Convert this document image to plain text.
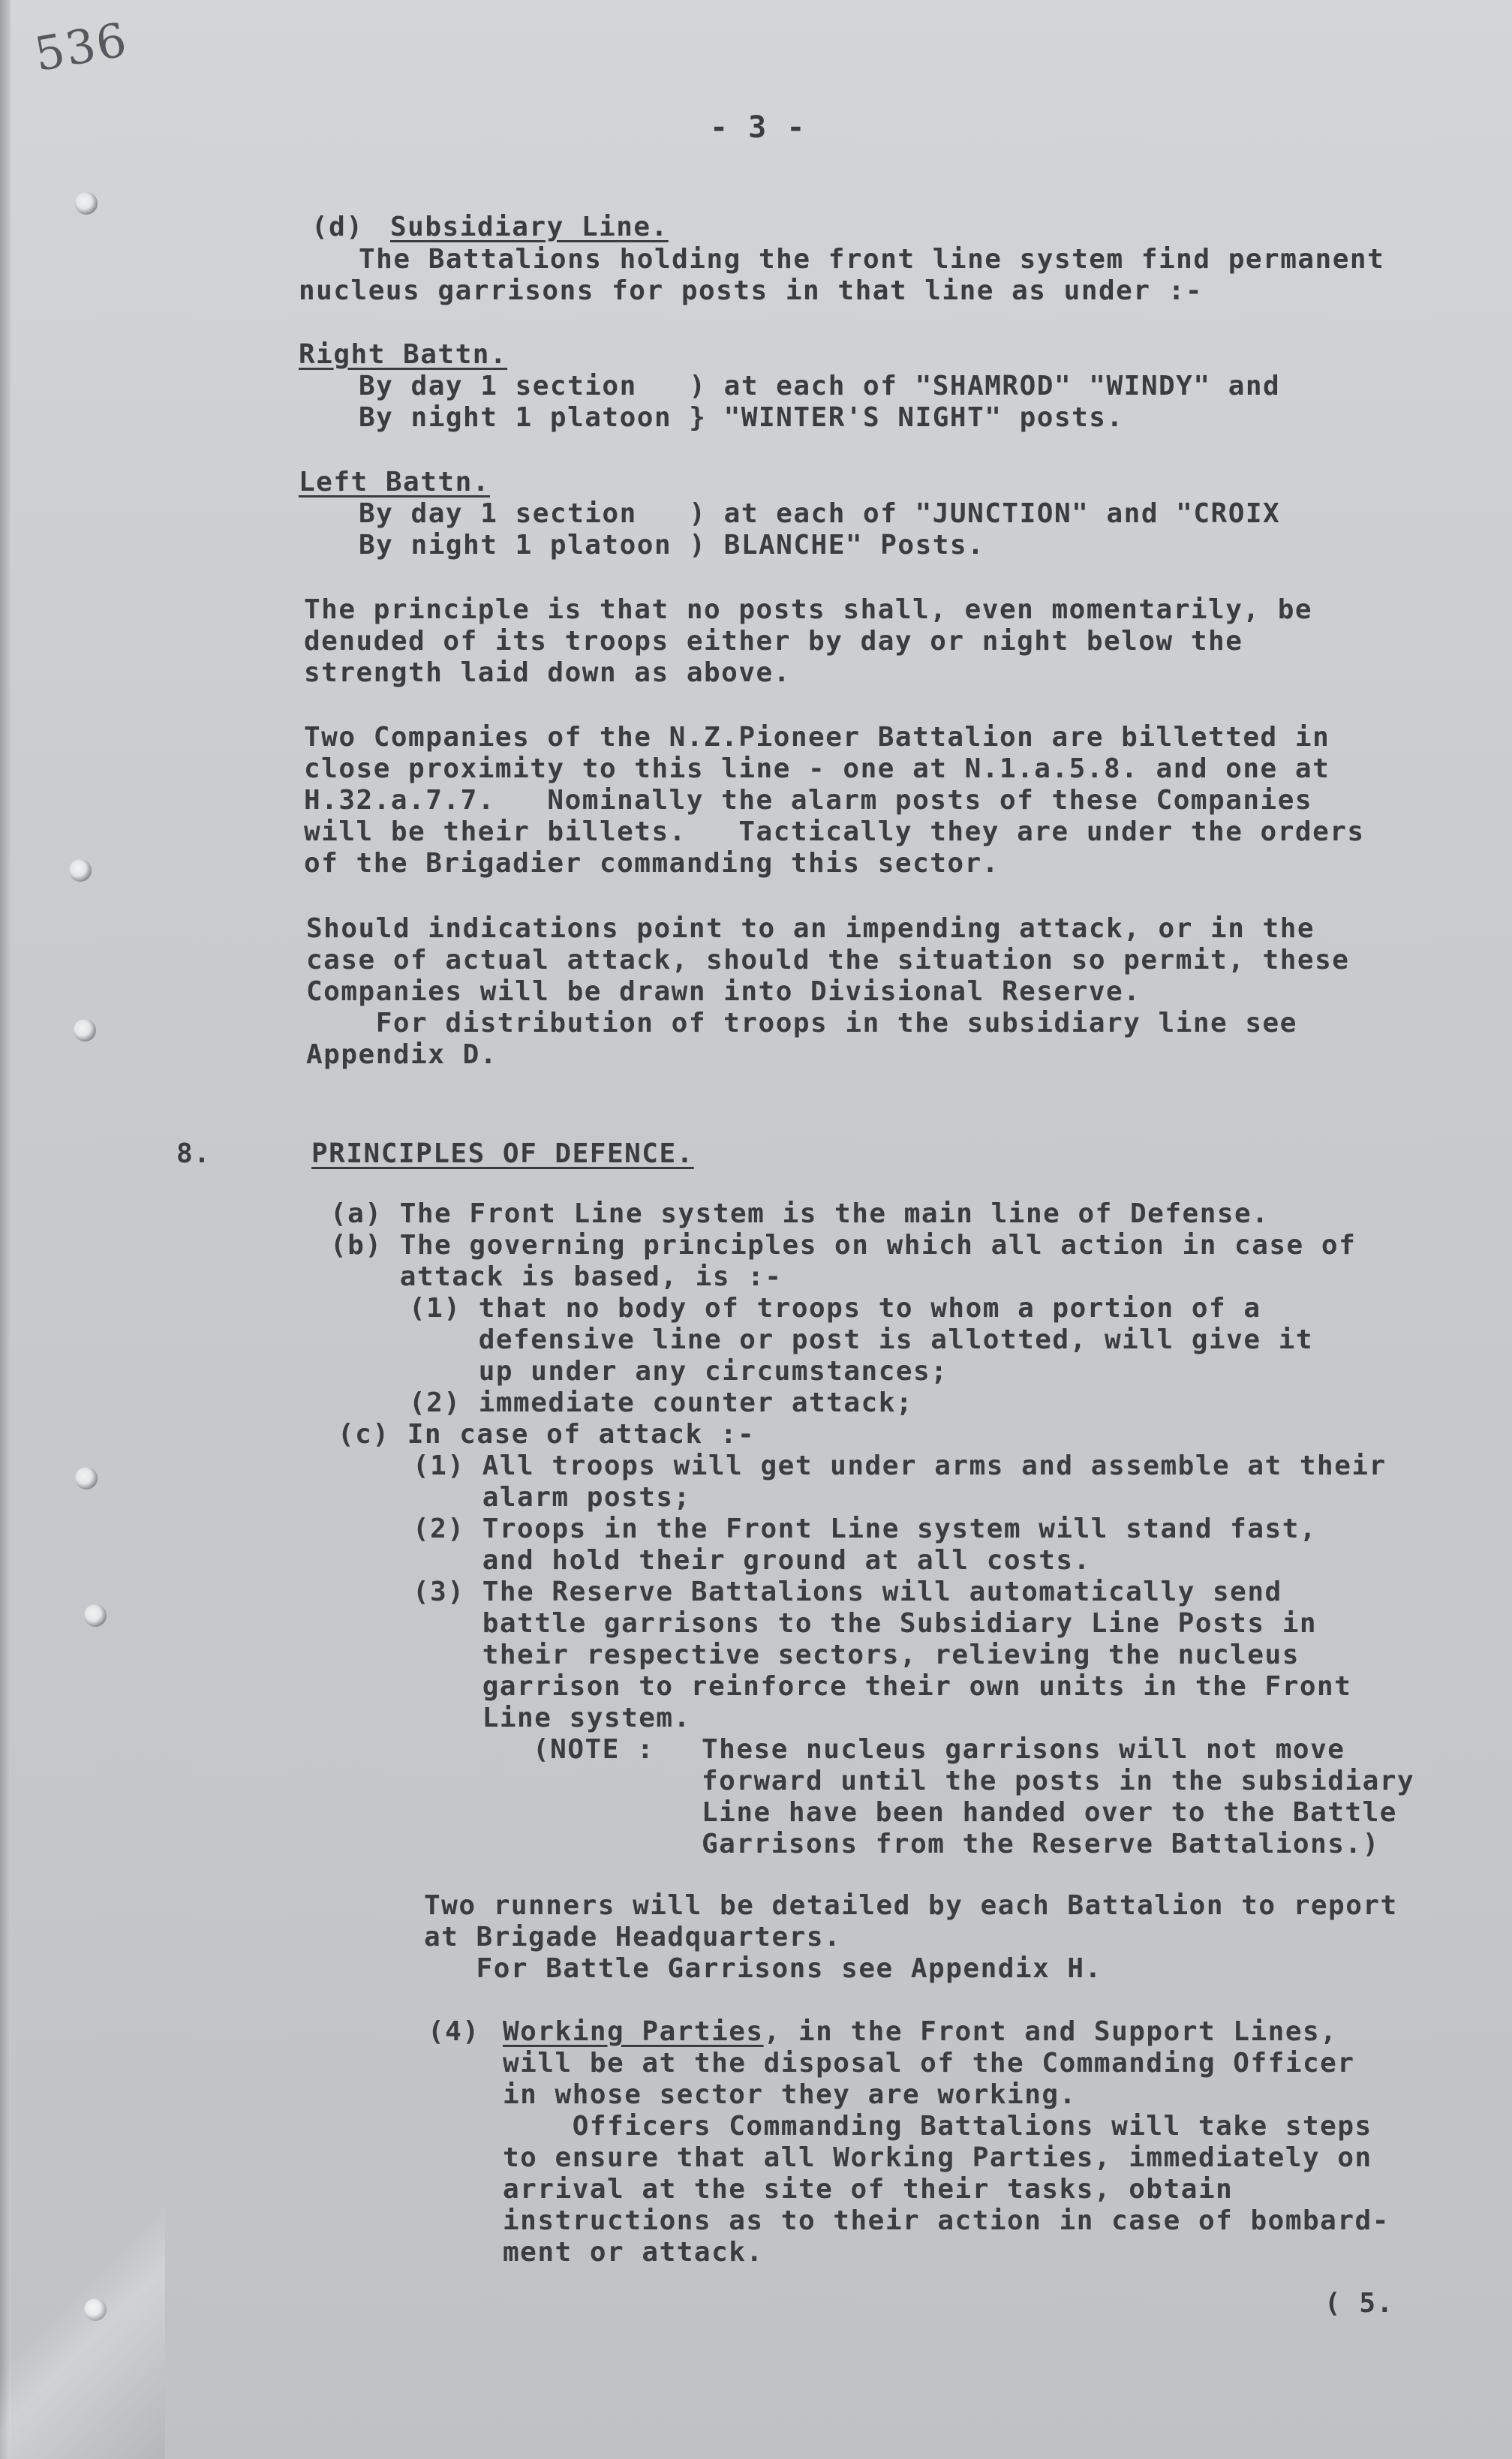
536
- 3 -
(d) Subsidiary Line.
The Battalions holding the front line system find permanent
nucleus garrisons for posts in that line as under :-
Right Battn.
By day 1 section   ) at each of "SHAMROD" "WINDY" and
By night 1 platoon } "WINTER'S NIGHT" posts.
Left Battn.
By day 1 section   ) at each of "JUNCTION" and "CROIX
By night 1 platoon ) BLANCHE" Posts.
The principle is that no posts shall, even momentarily, be
denuded of its troops either by day or night below the
strength laid down as above.
Two Companies of the N.Z.Pioneer Battalion are billetted in
close proximity to this line - one at N.1.a.5.8. and one at
H.32.a.7.7.   Nominally the alarm posts of these Companies
will be their billets.   Tactically they are under the orders
of the Brigadier commanding this sector.
Should indications point to an impending attack, or in the
case of actual attack, should the situation so permit, these
Companies will be drawn into Divisional Reserve.
For distribution of troops in the subsidiary line see
Appendix D.
8.	PRINCIPLES OF DEFENCE.
(a) The Front Line system is the main line of Defense.
(b) The governing principles on which all action in case of
attack is based, is :-
(1) that no body of troops to whom a portion of a
defensive line or post is allotted, will give it
up under any circumstances;
(2) immediate counter attack;
(c) In case of attack :-
(1) All troops will get under arms and assemble at their
alarm posts;
(2) Troops in the Front Line system will stand fast,
and hold their ground at all costs.
(3) The Reserve Battalions will automatically send
battle garrisons to the Subsidiary Line Posts in
their respective sectors, relieving the nucleus
garrison to reinforce their own units in the Front
Line system.
(NOTE : These nucleus garrisons will not move
forward until the posts in the subsidiary
Line have been handed over to the Battle
Garrisons from the Reserve Battalions.)
Two runners will be detailed by each Battalion to report
at Brigade Headquarters.
For Battle Garrisons see Appendix H.
(4) Working Parties, in the Front and Support Lines,
will be at the disposal of the Commanding Officer
in whose sector they are working.
Officers Commanding Battalions will take steps
to ensure that all Working Parties, immediately on
arrival at the site of their tasks, obtain
instructions as to their action in case of bombard-
ment or attack.
( 5.
